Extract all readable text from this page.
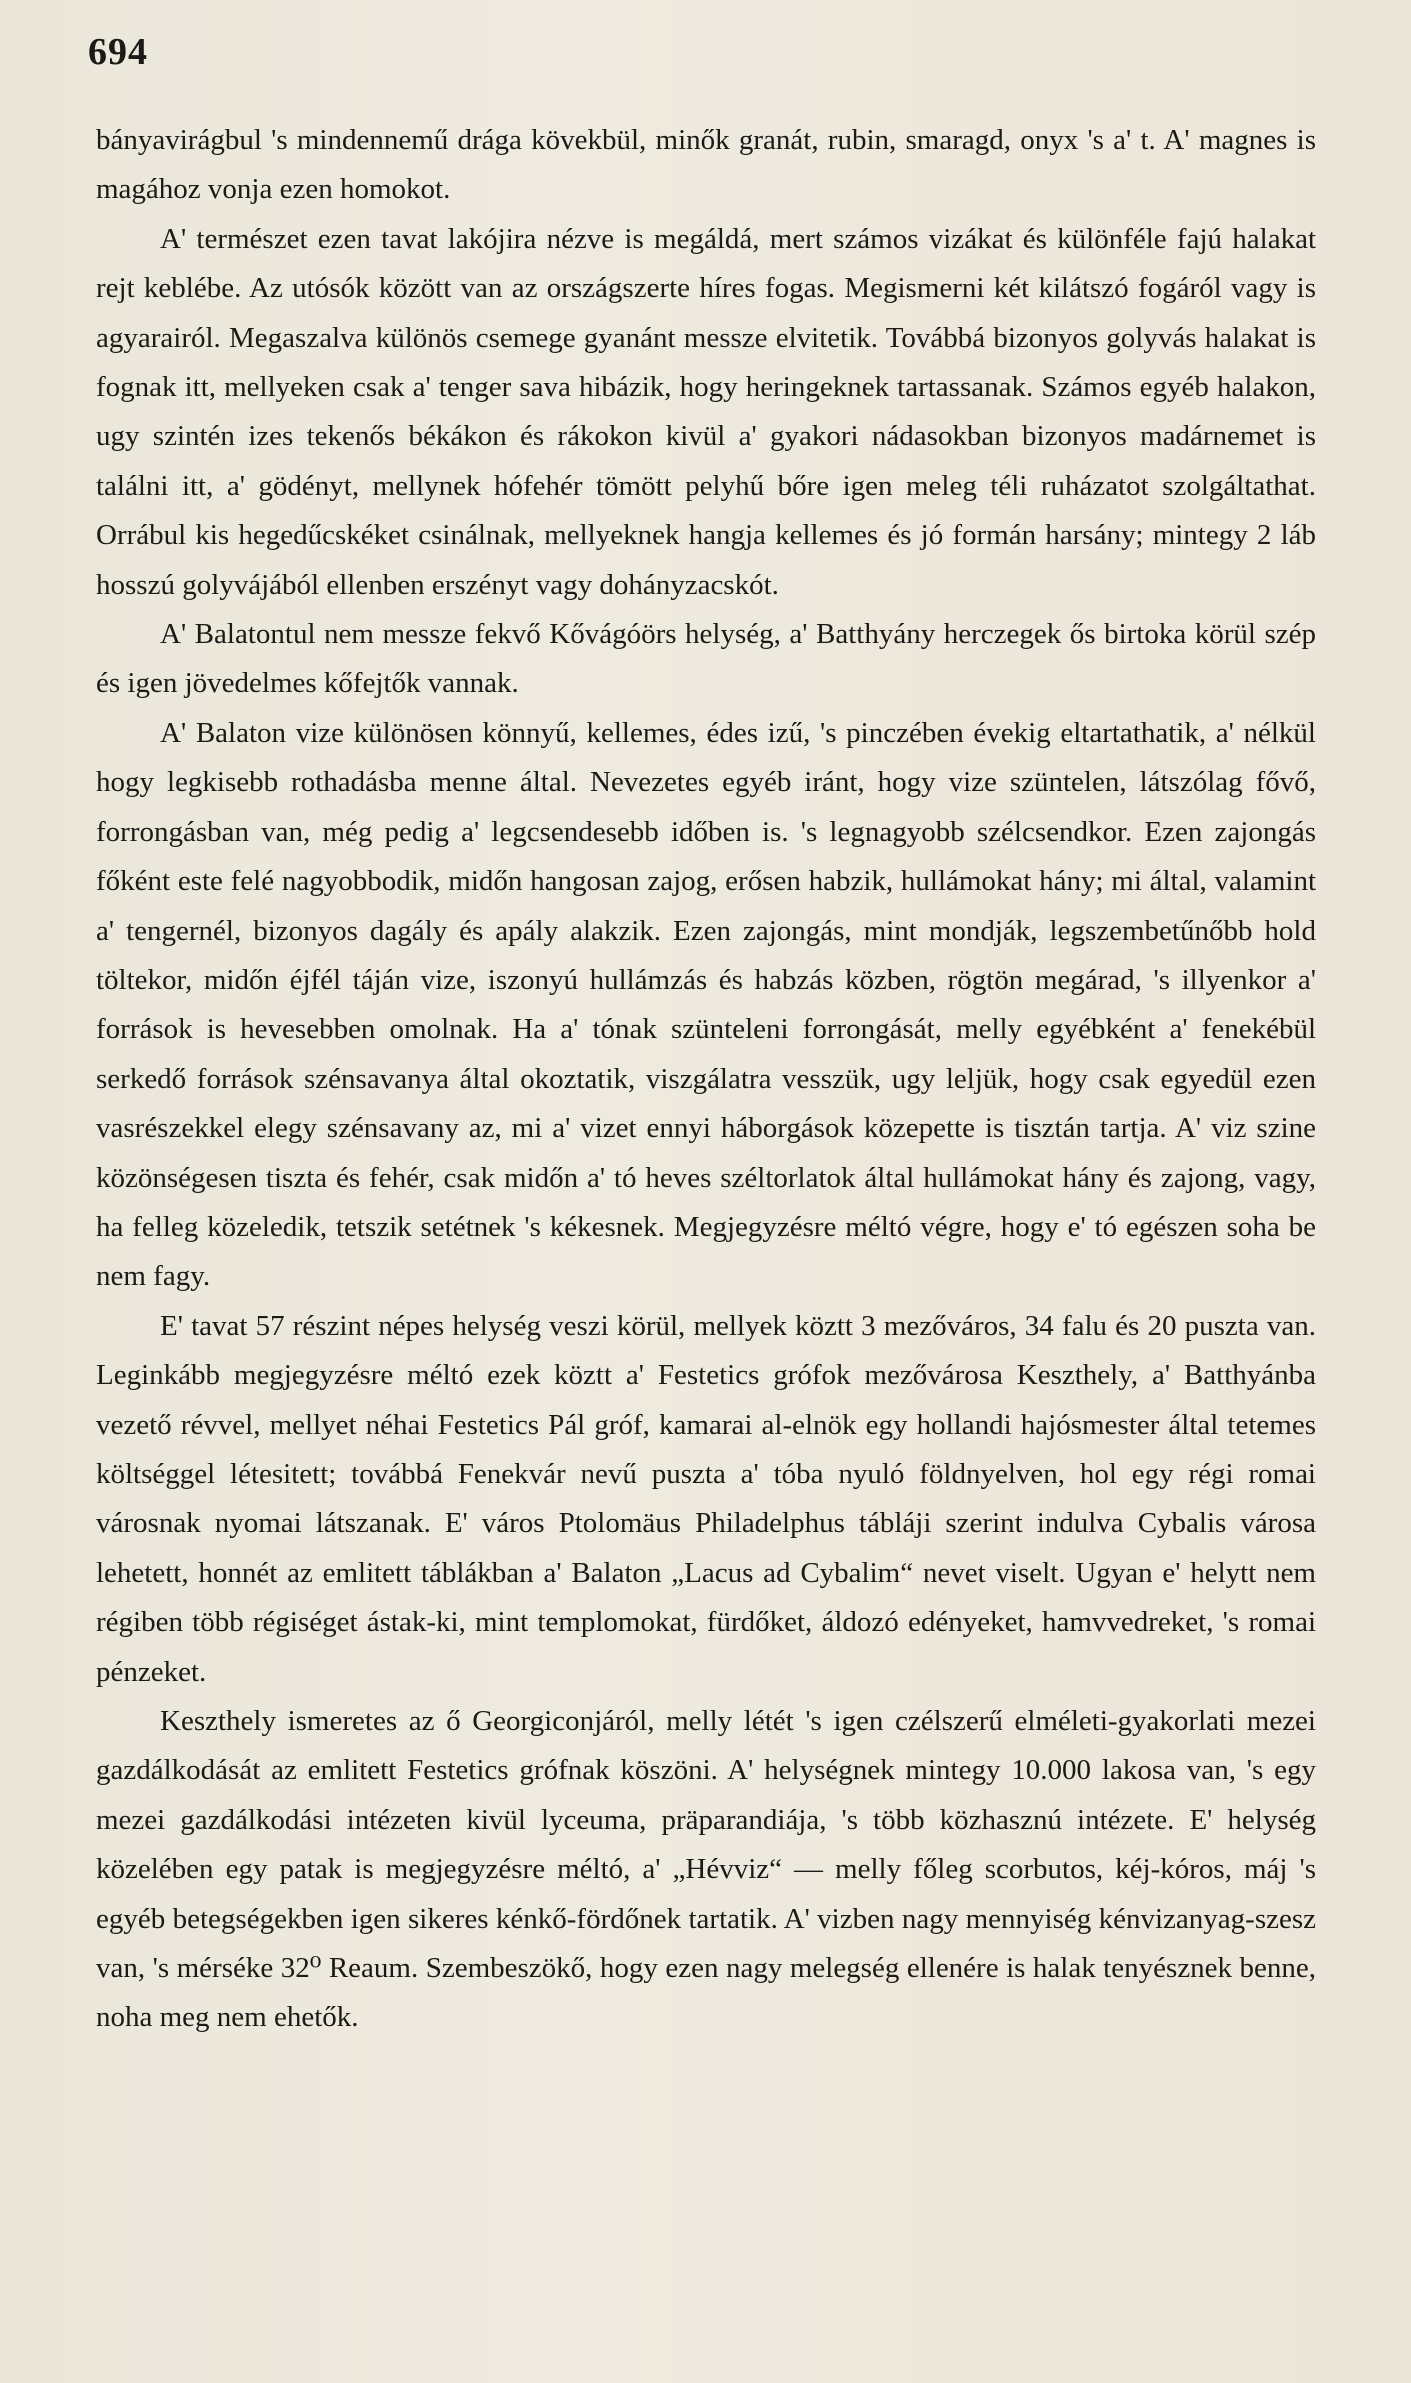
694

bányavirágbul 's mindennemű drága kövekbül, minők granát, rubin, smaragd, onyx 's a' t. A' magnes is magához vonja ezen homokot.

A' természet ezen tavat lakójira nézve is megáldá, mert számos vizákat és különféle fajú halakat rejt keblébe. Az utósók között van az országszerte híres fogas. Megismerni két kilátszó fogáról vagy is agyarairól. Megaszalva különös csemege gyanánt messze elvitetik. Továbbá bizonyos golyvás halakat is fognak itt, mellyeken csak a' tenger sava hibázik, hogy heringeknek tartassanak. Számos egyéb halakon, ugy szintén izes tekenős békákon és rákokon kivül a' gyakori nádasokban bizonyos madárnemet is találni itt, a' gödényt, mellynek hófehér tömött pelyhű bőre igen meleg téli ruházatot szolgáltathat. Orrábul kis hegedűcskéket csinálnak, mellyeknek hangja kellemes és jó formán harsány; mintegy 2 láb hosszú golyvájából ellenben erszényt vagy dohányzacskót.

A' Balatontul nem messze fekvő Kővágóörs helység, a' Batthyány herczegek ős birtoka körül szép és igen jövedelmes kőfejtők vannak.

A' Balaton vize különösen könnyű, kellemes, édes izű, 's pinczében évekig eltartathatik, a' nélkül hogy legkisebb rothadásba menne által. Nevezetes egyéb iránt, hogy vize szüntelen, látszólag fővő, forrongásban van, még pedig a' legcsendesebb időben is. 's legnagyobb szélcsendkor. Ezen zajongás főként este felé nagyobbodik, midőn hangosan zajog, erősen habzik, hullámokat hány; mi által, valamint a' tengernél, bizonyos dagály és apály alakzik. Ezen zajongás, mint mondják, legszembetűnőbb hold töltekor, midőn éjfél táján vize, iszonyú hullámzás és habzás közben, rögtön megárad, 's illyenkor a' források is hevesebben omolnak. Ha a' tónak szünteleni forrongását, melly egyébként a' fenekébül serkedő források szénsavanya által okoztatik, viszgálatra vesszük, ugy leljük, hogy csak egyedül ezen vasrészekkel elegy szénsavany az, mi a' vizet ennyi háborgások közepette is tisztán tartja. A' viz szine közönségesen tiszta és fehér, csak midőn a' tó heves széltorlatok által hullámokat hány és zajong, vagy, ha felleg közeledik, tetszik setétnek 's kékesnek. Megjegyzésre méltó végre, hogy e' tó egészen soha be nem fagy.

E' tavat 57 részint népes helység veszi körül, mellyek köztt 3 mezőváros, 34 falu és 20 puszta van. Leginkább megjegyzésre méltó ezek köztt a' Festetics grófok mezővárosa Keszthely, a' Batthyánba vezető révvel, mellyet néhai Festetics Pál gróf, kamarai al-elnök egy hollandi hajósmester által tetemes költséggel létesitett; továbbá Fenekvár nevű puszta a' tóba nyuló földnyelven, hol egy régi romai városnak nyomai látszanak. E' város Ptolomäus Philadelphus tábláji szerint indulva Cybalis városa lehetett, honnét az emlitett táblákban a' Balaton „Lacus ad Cybalim“ nevet viselt. Ugyan e' helytt nem régiben több régiséget ástak-ki, mint templomokat, fürdőket, áldozó edényeket, hamvvedreket, 's romai pénzeket.

Keszthely ismeretes az ő Georgiconjáról, melly létét 's igen czélszerű elméleti-gyakorlati mezei gazdálkodását az emlitett Festetics grófnak köszöni. A' helységnek mintegy 10.000 lakosa van, 's egy mezei gazdálkodási intézeten kivül lyceuma, präparandiája, 's több közhasznú intézete. E' helység közelében egy patak is megjegyzésre méltó, a' „Hévviz“ — melly főleg scorbutos, kéj-kóros, máj 's egyéb betegségekben igen sikeres kénkő-fördőnek tartatik. A' vizben nagy mennyiség kénvizanyag-szesz van, 's mérséke 32⁰ Reaum. Szembeszökő, hogy ezen nagy melegség ellenére is halak tenyésznek benne, noha meg nem ehetők.
